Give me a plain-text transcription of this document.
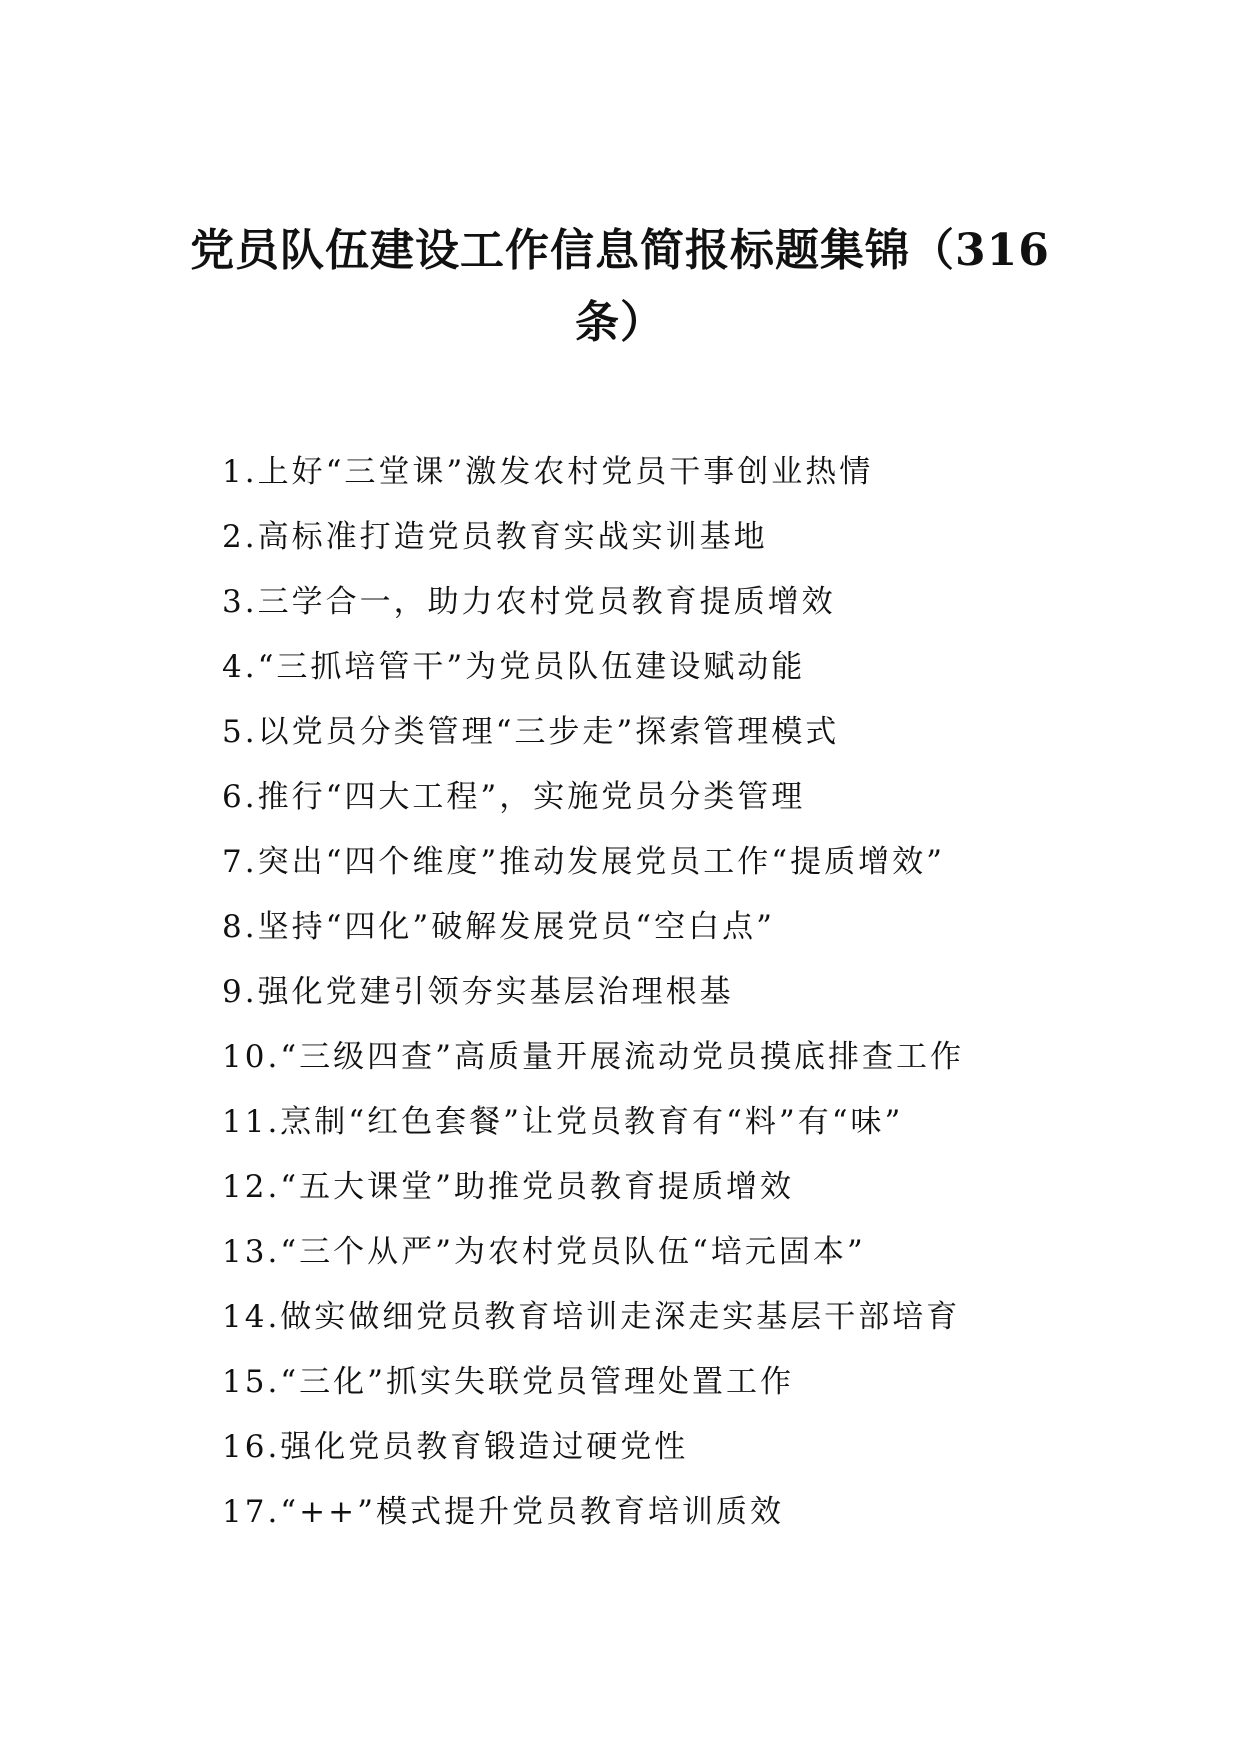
党员队伍建设工作信息简报标题集锦（316
条）
1.上好“三堂课”激发农村党员干事创业热情
2.高标准打造党员教育实战实训基地
3.三学合一，助力农村党员教育提质增效
4.“三抓培管干”为党员队伍建设赋动能
5.以党员分类管理“三步走”探索管理模式
6.推行“四大工程”，实施党员分类管理
7.突出“四个维度”推动发展党员工作“提质增效”
8.坚持“四化”破解发展党员“空白点”
9.强化党建引领夯实基层治理根基
10.“三级四查”高质量开展流动党员摸底排查工作
11.烹制“红色套餐”让党员教育有“料”有“味”
12.“五大课堂”助推党员教育提质增效
13.“三个从严”为农村党员队伍“培元固本”
14.做实做细党员教育培训走深走实基层干部培育
15.“三化”抓实失联党员管理处置工作
16.强化党员教育锻造过硬党性
17.“++”模式提升党员教育培训质效
